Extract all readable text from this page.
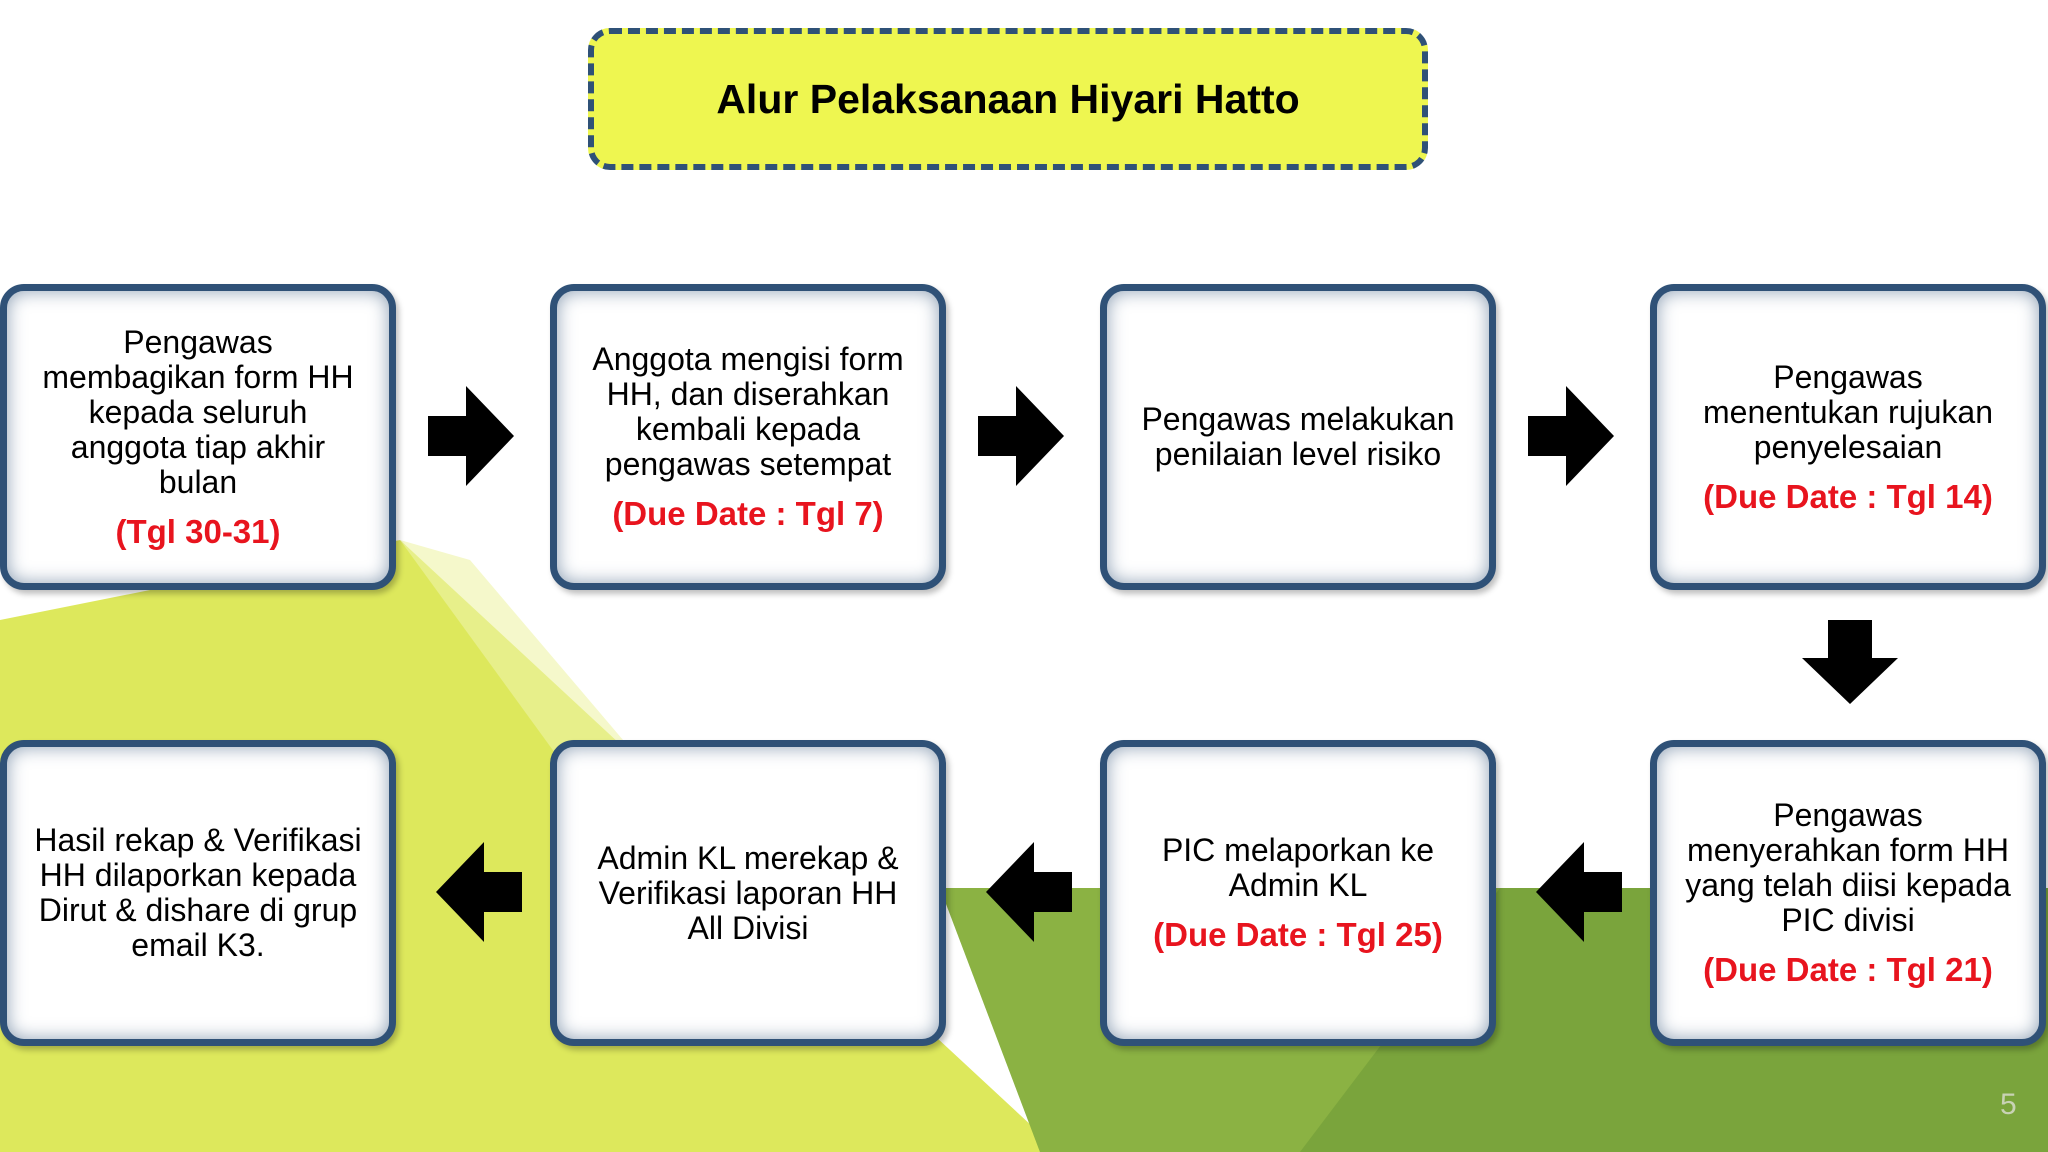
Alur Pelaksanaan Hiyari Hatto
Pengawas
membagikan form HH
kepada seluruh
anggota tiap akhir
bulan
(Tgl 30-31)
Anggota mengisi form
HH, dan diserahkan
kembali kepada
pengawas setempat
(Due Date : Tgl 7)
Pengawas melakukan
penilaian level risiko
Pengawas
menentukan rujukan
penyelesaian
(Due Date : Tgl 14)
Pengawas
menyerahkan form HH
yang telah diisi kepada
PIC divisi
(Due Date : Tgl 21)
PIC melaporkan ke
Admin KL
(Due Date : Tgl 25)
Admin KL merekap &
Verifikasi laporan HH
All Divisi
Hasil rekap & Verifikasi
HH dilaporkan kepada
Dirut & dishare di grup
email K3.
5
